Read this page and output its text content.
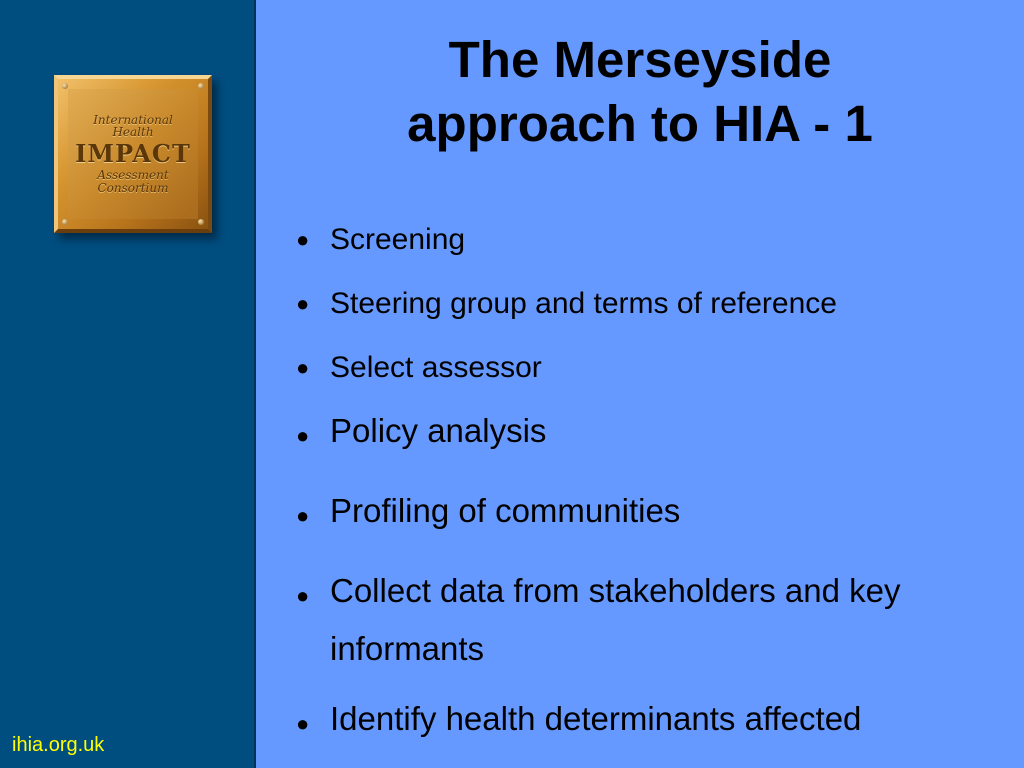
International
Health
IMPACT
Assessment
Consortium
ihia.org.uk
The Merseyside
approach to HIA - 1
● Screening
● Steering group and terms of reference
● Select assessor
● Policy analysis
● Profiling of communities
● Collect data from stakeholders and key informants
● Identify health determinants affected
